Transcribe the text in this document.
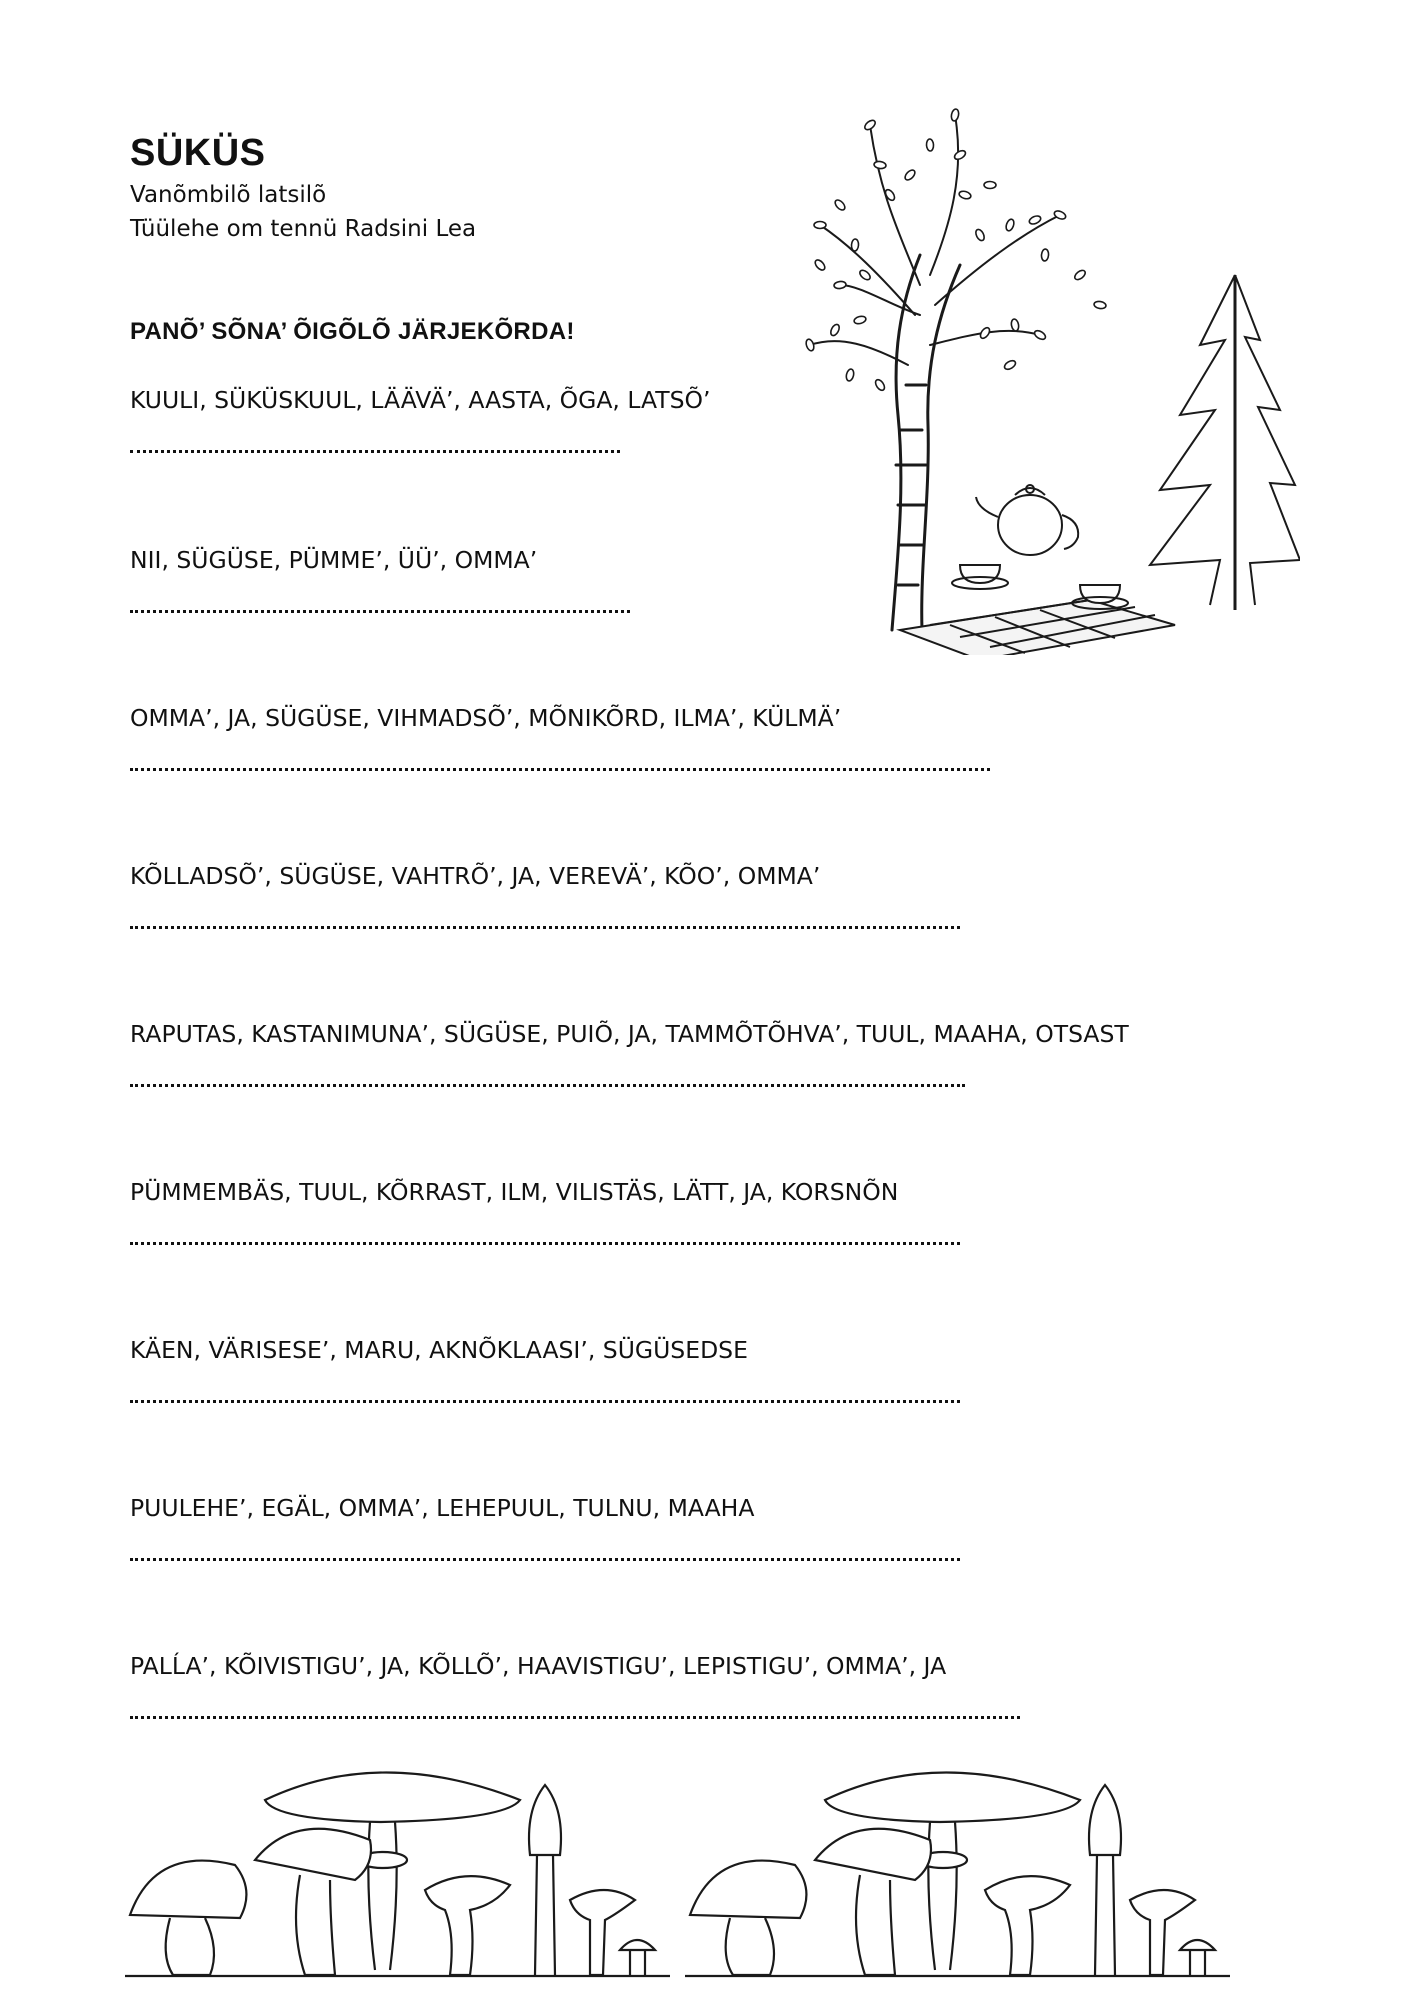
SÜKÜS
Vanõmbilõ latsilõ
Tüülehe om tennü Radsini Lea
PANÕ’ SÕNA’ ÕIGÕLÕ JÄRJEKÕRDA!
KUULI, SÜKÜSKUUL, LÄÄVÄ’, AASTA, ÕGA, LATSÕ’
NII, SÜGÜSE, PÜMME’, ÜÜ’, OMMA’
OMMA’, JA, SÜGÜSE, VIHMADSÕ’, MÕNIKÕRD, ILMA’, KÜLMÄ’
KÕLLADSÕ’, SÜGÜSE, VAHTRÕ’, JA, VEREVÄ’, KÕO’, OMMA’
RAPUTAS, KASTANIMUNA’, SÜGÜSE, PUIÕ, JA, TAMMÕTÕHVA’, TUUL, MAAHA, OTSAST
PÜMMEMBÄS, TUUL, KÕRRAST, ILM, VILISTÄS, LÄTT, JA, KORSNÕN
KÄEN, VÄRISESE’, MARU, AKNÕKLAASI’, SÜGÜSEDSE
PUULEHE’, EGÄL, OMMA’, LEHEPUUL, TULNU, MAAHA
PALĹA’, KÕIVISTIGU’, JA, KÕLLÕ’, HAAVISTIGU’, LEPISTIGU’, OMMA’, JA
